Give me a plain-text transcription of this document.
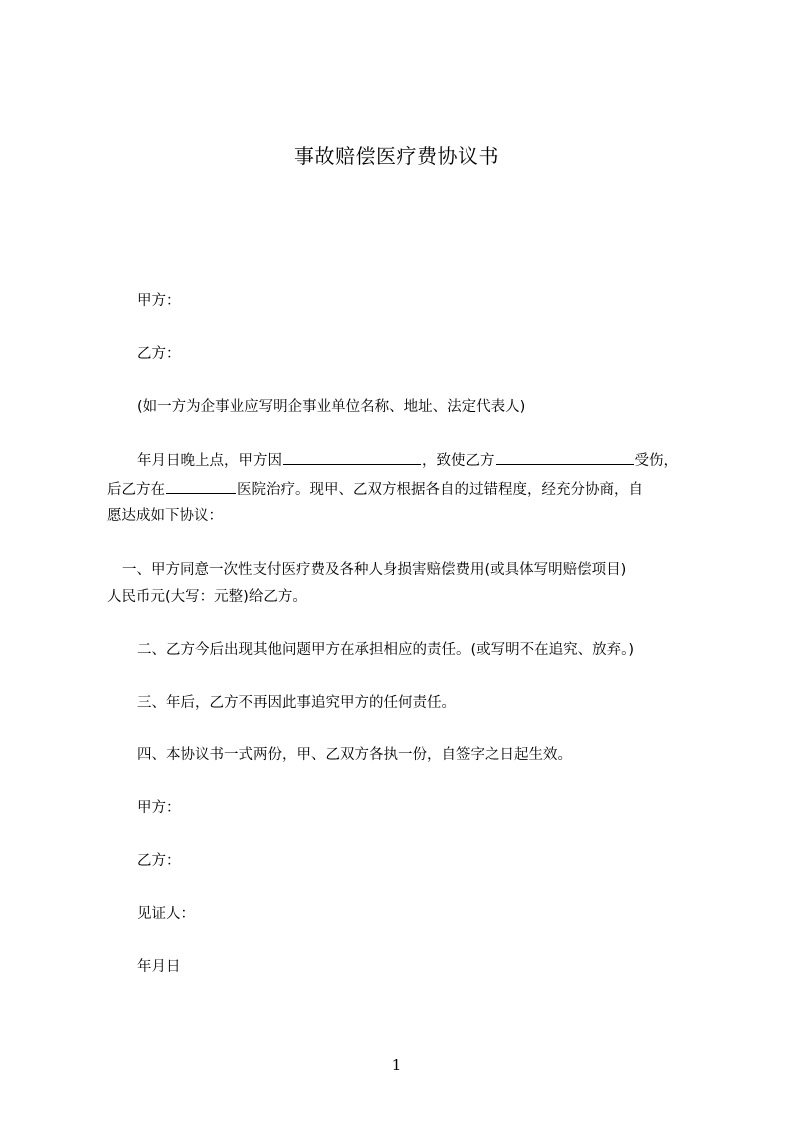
事故赔偿医疗费协议书
甲方：
乙方：
(如一方为企事业应写明企事业单位名称、地址、法定代表人)
年月日晚上点，甲方因	，致使乙方	受伤，
后乙方在	医院治疗。现甲、乙双方根据各自的过错程度，经充分协商，自
愿达成如下协议：
一、甲方同意一次性支付医疗费及各种人身损害赔偿费用(或具体写明赔偿项目)
人民币元(大写：元整)给乙方。
二、乙方今后出现其他问题甲方在承担相应的责任。(或写明不在追究、放弃。)
三、年后，乙方不再因此事追究甲方的任何责任。
四、本协议书一式两份，甲、乙双方各执一份，自签字之日起生效。
甲方：
乙方：
见证人：
年月日
1
